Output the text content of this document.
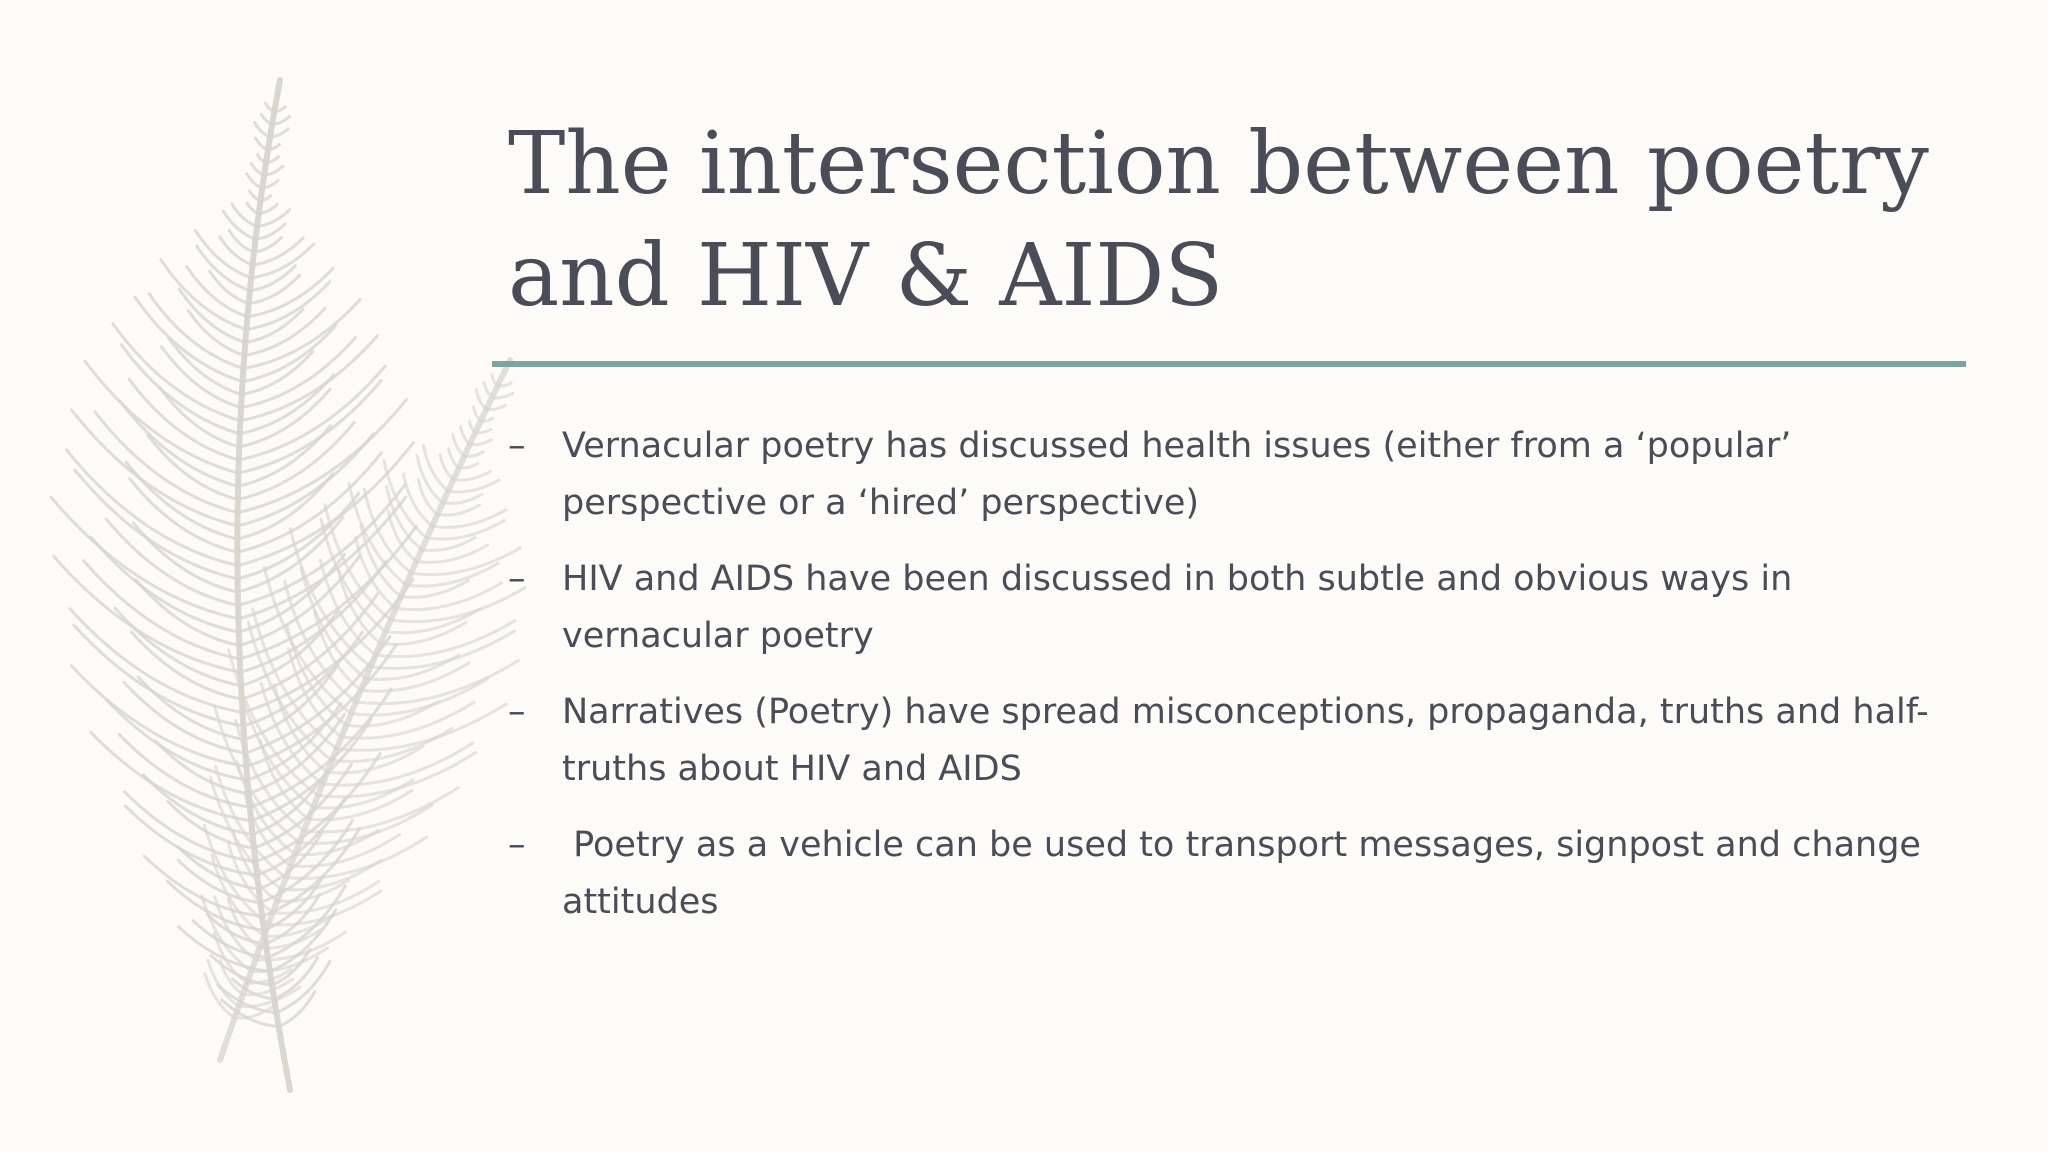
The intersection between poetry
and HIV & AIDS
– Vernacular poetry has discussed health issues (either from a ‘popular’
perspective or a ‘hired’ perspective)
– HIV and AIDS have been discussed in both subtle and obvious ways in
vernacular poetry
– Narratives (Poetry) have spread misconceptions, propaganda, truths and half-
truths about HIV and AIDS
– Poetry as a vehicle can be used to transport messages, signpost and change
attitudes
